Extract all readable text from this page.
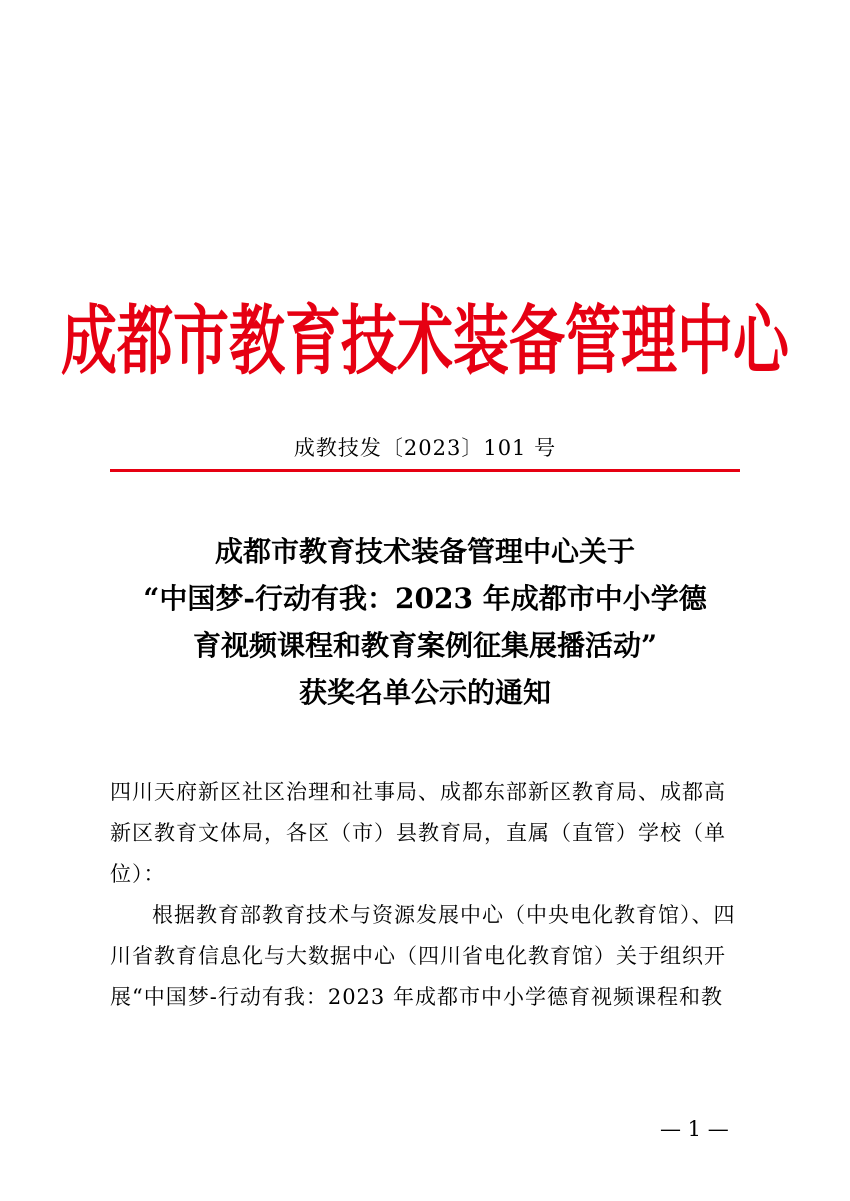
成都市教育技术装备管理中心
成教技发〔2023〕101 号
成都市教育技术装备管理中心关于
“中国梦-行动有我：2023 年成都市中小学德
育视频课程和教育案例征集展播活动”
获奖名单公示的通知
四川天府新区社区治理和社事局、成都东部新区教育局、成都高
新区教育文体局，各区（市）县教育局，直属（直管）学校（单
位）：
根据教育部教育技术与资源发展中心（中央电化教育馆）、四
川省教育信息化与大数据中心（四川省电化教育馆）关于组织开
展“中国梦-行动有我：2023 年成都市中小学德育视频课程和教
— 1 —
